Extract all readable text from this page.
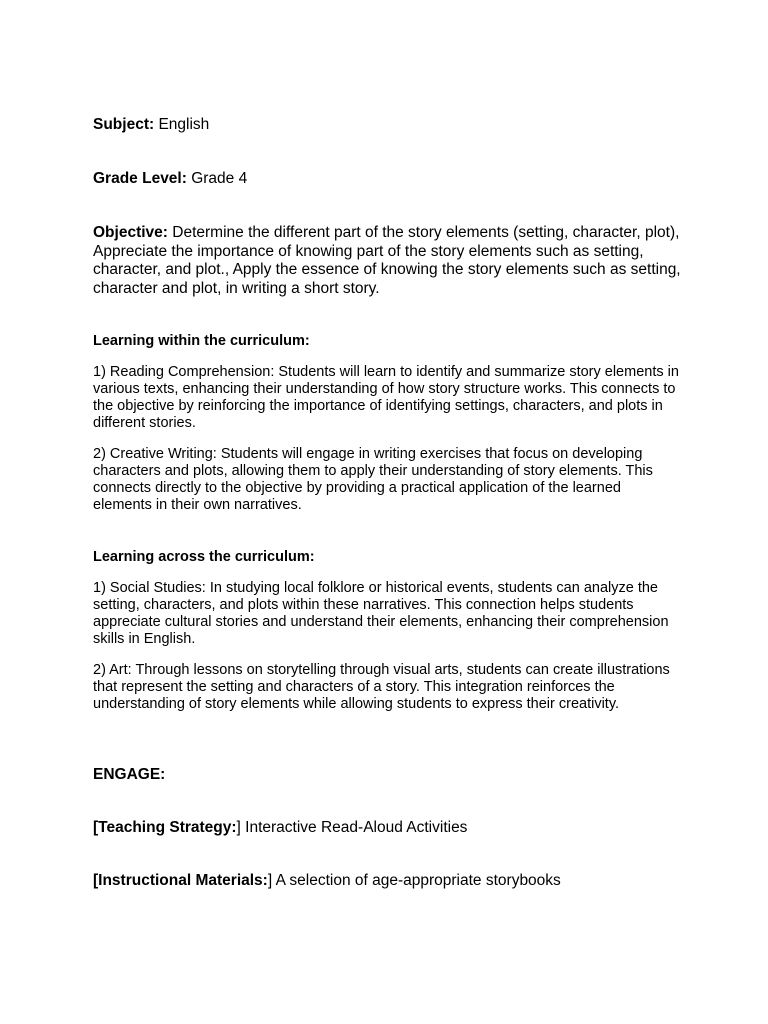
Subject: English

Grade Level: Grade 4

Objective: Determine the different part of the story elements (setting, character, plot), Appreciate the importance of knowing part of the story elements such as setting, character, and plot., Apply the essence of knowing the story elements such as setting, character and plot, in writing a short story.

Learning within the curriculum:

1) Reading Comprehension: Students will learn to identify and summarize story elements in various texts, enhancing their understanding of how story structure works. This connects to the objective by reinforcing the importance of identifying settings, characters, and plots in different stories.

2) Creative Writing: Students will engage in writing exercises that focus on developing characters and plots, allowing them to apply their understanding of story elements. This connects directly to the objective by providing a practical application of the learned elements in their own narratives.

Learning across the curriculum:

1) Social Studies: In studying local folklore or historical events, students can analyze the setting, characters, and plots within these narratives. This connection helps students appreciate cultural stories and understand their elements, enhancing their comprehension skills in English.

2) Art: Through lessons on storytelling through visual arts, students can create illustrations that represent the setting and characters of a story. This integration reinforces the understanding of story elements while allowing students to express their creativity.

ENGAGE:

[Teaching Strategy:] Interactive Read-Aloud Activities

[Instructional Materials:] A selection of age-appropriate storybooks
